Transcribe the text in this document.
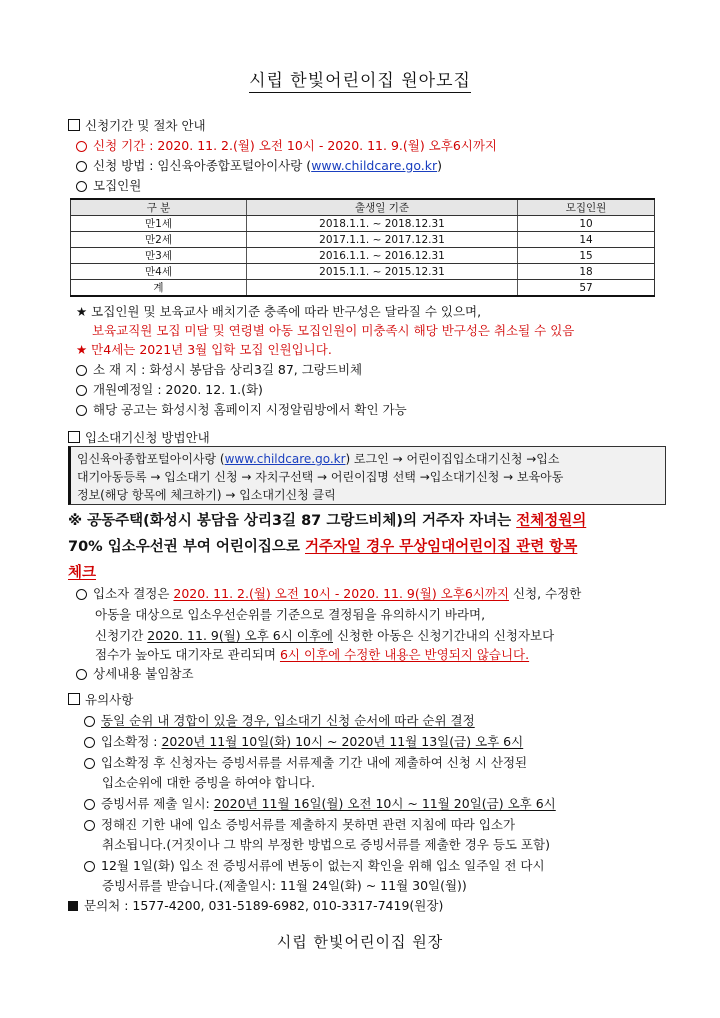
시립 한빛어린이집 원아모집
신청기간 및 절차 안내
신청 기간 : 2020. 11. 2.(월) 오전 10시 - 2020. 11. 9.(월) 오후6시까지
신청 방법 : 임신육아종합포털아이사랑 (www.childcare.go.kr)
모집인원
구 분	출생일 기준	모집인원
만1세	2018.1.1. ~ 2018.12.31	10
만2세	2017.1.1. ~ 2017.12.31	14
만3세	2016.1.1. ~ 2016.12.31	15
만4세	2015.1.1. ~ 2015.12.31	18
계		57
★ 모집인원 및 보육교사 배치기준 충족에 따라 반구성은 달라질 수 있으며,
보육교직원 모집 미달 및 연령별 아동 모집인원이 미충족시 해당 반구성은 취소될 수 있음
★ 만4세는 2021년 3월 입학 모집 인원입니다.
소 재 지 : 화성시 봉담읍 상리3길 87, 그랑드비체
개원예정일 : 2020. 12. 1.(화)
해당 공고는 화성시청 홈페이지 시정알림방에서 확인 가능
입소대기신청 방법안내
임신육아종합포털아이사랑 (www.childcare.go.kr) 로그인 → 어린이집입소대기신청 →입소
대기아동등록 → 입소대기 신청 → 자치구선택 → 어린이집명 선택 →입소대기신청 → 보육아동
정보(해당 항목에 체크하기) → 입소대기신청 클릭
※ 공동주택(화성시 봉담읍 상리3길 87 그랑드비체)의 거주자 자녀는 전체정원의
70% 입소우선권 부여 어린이집으로 거주자일 경우 무상임대어린이집 관련 항목
체크
입소자 결정은 2020. 11. 2.(월) 오전 10시 - 2020. 11. 9(월) 오후6시까지 신청, 수정한
아동을 대상으로 입소우선순위를 기준으로 결정됨을 유의하시기 바라며,
신청기간 2020. 11. 9(월) 오후 6시 이후에 신청한 아동은 신청기간내의 신청자보다
점수가 높아도 대기자로 관리되며 6시 이후에 수정한 내용은 반영되지 않습니다.
상세내용 붙임참조
유의사항
동일 순위 내 경합이 있을 경우, 입소대기 신청 순서에 따라 순위 결정
입소확정 : 2020년 11월 10일(화) 10시 ~ 2020년 11월 13일(금) 오후 6시
입소확정 후 신청자는 증빙서류를 서류제출 기간 내에 제출하여 신청 시 산정된
입소순위에 대한 증빙을 하여야 합니다.
증빙서류 제출 일시: 2020년 11월 16일(월) 오전 10시 ~ 11월 20일(금) 오후 6시
정해진 기한 내에 입소 증빙서류를 제출하지 못하면 관련 지침에 따라 입소가
취소됩니다.(거짓이나 그 밖의 부정한 방법으로 증빙서류를 제출한 경우 등도 포함)
12월 1일(화) 입소 전 증빙서류에 변동이 없는지 확인을 위해 입소 일주일 전 다시
증빙서류를 받습니다.(제출일시: 11월 24일(화) ~ 11월 30일(월))
문의처 : 1577-4200, 031-5189-6982, 010-3317-7419(원장)
시립 한빛어린이집 원장
